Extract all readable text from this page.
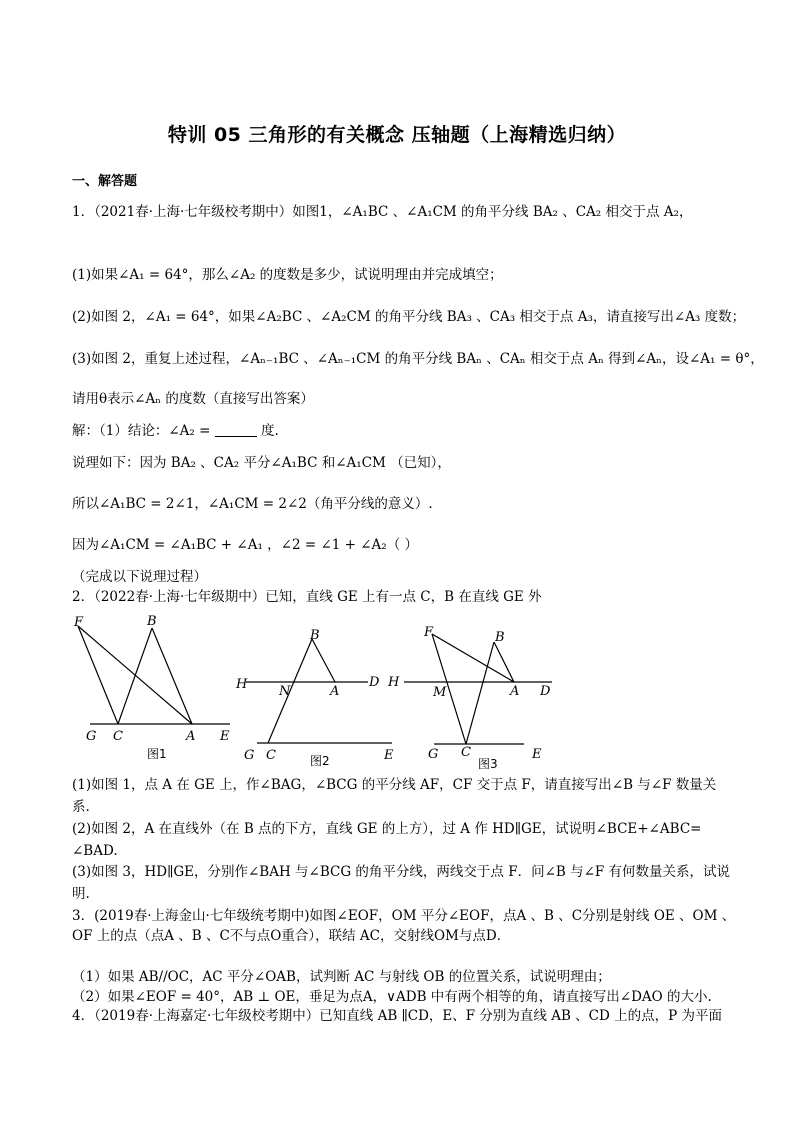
特训 05 三角形的有关概念 压轴题（上海精选归纳）
一、解答题
1．（2021春·上海·七年级校考期中）如图1，∠A₁BC 、∠A₁CM 的角平分线 BA₂ 、CA₂ 相交于点 A₂，
(1)如果∠A₁ = 64°，那么∠A₂ 的度数是多少，试说明理由并完成填空；
(2)如图 2，∠A₁ = 64°，如果∠A₂BC 、∠A₂CM 的角平分线 BA₃ 、CA₃ 相交于点 A₃，请直接写出∠A₃ 度数；
(3)如图 2，重复上述过程，∠Aₙ₋₁BC 、∠Aₙ₋₁CM 的角平分线 BAₙ 、CAₙ 相交于点 Aₙ 得到∠Aₙ，设∠A₁ = θ°，
请用θ表示∠Aₙ 的度数（直接写出答案）
解：（1）结论：∠A₂ =	度.
说理如下：因为 BA₂ 、CA₂ 平分∠A₁BC 和∠A₁CM （已知），
所以∠A₁BC = 2∠1，∠A₁CM = 2∠2（角平分线的意义）.
因为∠A₁CM = ∠A₁BC + ∠A₁ ，∠2 = ∠1 + ∠A₂（ ）
（完成以下说理过程）
2．（2022春·上海·七年级期中）已知，直线 GE 上有一点 C，B 在直线 GE 外
F	B
G C	A E
图1
B
H N	A
D
G C	E
图2
F	B
H
M	A D
G C	E
图3
(1)如图 1，点 A 在 GE 上，作∠BAG，∠BCG 的平分线 AF，CF 交于点 F，请直接写出∠B 与∠F 数量关
系.
(2)如图 2，A 在直线外（在 B 点的下方，直线 GE 的上方），过 A 作 HD∥GE，试说明∠BCE+∠ABC=
∠BAD.
(3)如图 3，HD∥GE，分别作∠BAH 与∠BCG 的角平分线，两线交于点 F．问∠B 与∠F 有何数量关系，试说
明.
3．(2019春·上海金山·七年级统考期中)如图∠EOF，OM 平分∠EOF，点A 、B 、C分别是射线 OE 、OM 、
OF 上的点（点A 、B 、C不与点O重合），联结 AC，交射线OM与点D．
（1）如果 AB//OC，AC 平分∠OAB，试判断 AC 与射线 OB 的位置关系，试说明理由；
（2）如果∠EOF = 40°，AB ⊥ OE，垂足为点A，∨ADB 中有两个相等的角，请直接写出∠DAO 的大小.
4．（2019春·上海嘉定·七年级校考期中）已知直线 AB ∥CD，E、F 分别为直线 AB 、CD 上的点，P 为平面
